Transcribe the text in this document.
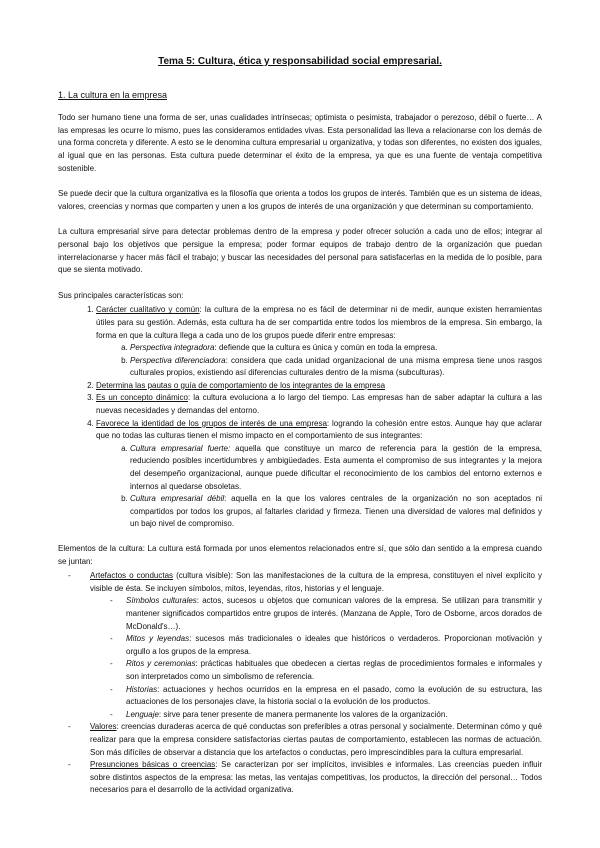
Tema 5: Cultura, ética y responsabilidad social empresarial.
1. La cultura en la empresa

Todo ser humano tiene una forma de ser, unas cualidades intrínsecas; optimista o pesimista, trabajador o perezoso, débil o fuerte… A las empresas les ocurre lo mismo, pues las consideramos entidades vivas. Esta personalidad las lleva a relacionarse con los demás de una forma concreta y diferente. A esto se le denomina cultura empresarial u organizativa, y todas son diferentes, no existen dos iguales, al igual que en las personas. Esta cultura puede determinar el éxito de la empresa, ya que es una fuente de ventaja competitiva sostenible.

Se puede decir que la cultura organizativa es la filosofía que orienta a todos los grupos de interés. También que es un sistema de ideas, valores, creencias y normas que comparten y unen a los grupos de interés de una organización y que determinan su comportamiento.

La cultura empresarial sirve para detectar problemas dentro de la empresa y poder ofrecer solución a cada uno de ellos; integrar al personal bajo los objetivos que persigue la empresa; poder formar equipos de trabajo dentro de la organización que puedan interrelacionarse y hacer más fácil el trabajo; y buscar las necesidades del personal para satisfacerlas en la medida de lo posible, para que se sienta motivado.

Sus principales características son:

1. Carácter cualitativo y común: la cultura de la empresa no es fácil de determinar ni de medir, aunque existen herramientas útiles para su gestión. Además, esta cultura ha de ser compartida entre todos los miembros de la empresa. Sin embargo, la forma en que la cultura llega a cada uno de los grupos puede diferir entre empresas:
a. Perspectiva integradora: defiende que la cultura es única y común en toda la empresa.
b. Perspectiva diferenciadora: considera que cada unidad organizacional de una misma empresa tiene unos rasgos culturales propios, existiendo así diferencias culturales dentro de la misma (subculturas).
2. Determina las pautas o guía de comportamiento de los integrantes de la empresa
3. Es un concepto dinámico: la cultura evoluciona a lo largo del tiempo. Las empresas han de saber adaptar la cultura a las nuevas necesidades y demandas del entorno.
4. Favorece la identidad de los grupos de interés de una empresa: logrando la cohesión entre estos. Aunque hay que aclarar que no todas las culturas tienen el mismo impacto en el comportamiento de sus integrantes:
a. Cultura empresarial fuerte: aquella que constituye un marco de referencia para la gestión de la empresa, reduciendo posibles incertidumbres y ambigüedades. Esta aumenta el compromiso de sus integrantes y la mejora del desempeño organizacional, aunque puede dificultar el reconocimiento de los cambios del entorno externos e internos al quedarse obsoletas.
b. Cultura empresarial débil: aquella en la que los valores centrales de la organización no son aceptados ni compartidos por todos los grupos, al faltarles claridad y firmeza. Tienen una diversidad de valores mal definidos y un bajo nivel de compromiso.

Elementos de la cultura: La cultura está formada por unos elementos relacionados entre sí, que sólo dan sentido a la empresa cuando se juntan:

- Artefactos o conductas (cultura visible): Son las manifestaciones de la cultura de la empresa, constituyen el nivel explícito y visible de ésta. Se incluyen símbolos, mitos, leyendas, ritos, historias y el lenguaje.
- Símbolos culturales: actos, sucesos u objetos que comunican valores de la empresa. Se utilizan para transmitir y mantener significados compartidos entre grupos de interés. (Manzana de Apple, Toro de Osborne, arcos dorados de McDonald's…).
- Mitos y leyendas: sucesos más tradicionales o ideales que históricos o verdaderos. Proporcionan motivación y orgullo a los grupos de la empresa.
- Ritos y ceremonias: prácticas habituales que obedecen a ciertas reglas de procedimientos formales e informales y son interpretados como un simbolismo de referencia.
- Historias: actuaciones y hechos ocurridos en la empresa en el pasado, como la evolución de su estructura, las actuaciones de los personajes clave, la historia social o la evolución de los productos.
- Lenguaje: sirve para tener presente de manera permanente los valores de la organización.
- Valores: creencias duraderas acerca de qué conductas son preferibles a otras personal y socialmente. Determinan cómo y qué realizar para que la empresa considere satisfactorias ciertas pautas de comportamiento, establecen las normas de actuación. Son más difíciles de observar a distancia que los artefactos o conductas, pero imprescindibles para la cultura empresarial.
- Presunciones básicas o creencias: Se caracterizan por ser implícitos, invisibles e informales. Las creencias pueden influir sobre distintos aspectos de la empresa: las metas, las ventajas competitivas, los productos, la dirección del personal… Todos necesarios para el desarrollo de la actividad organizativa.
